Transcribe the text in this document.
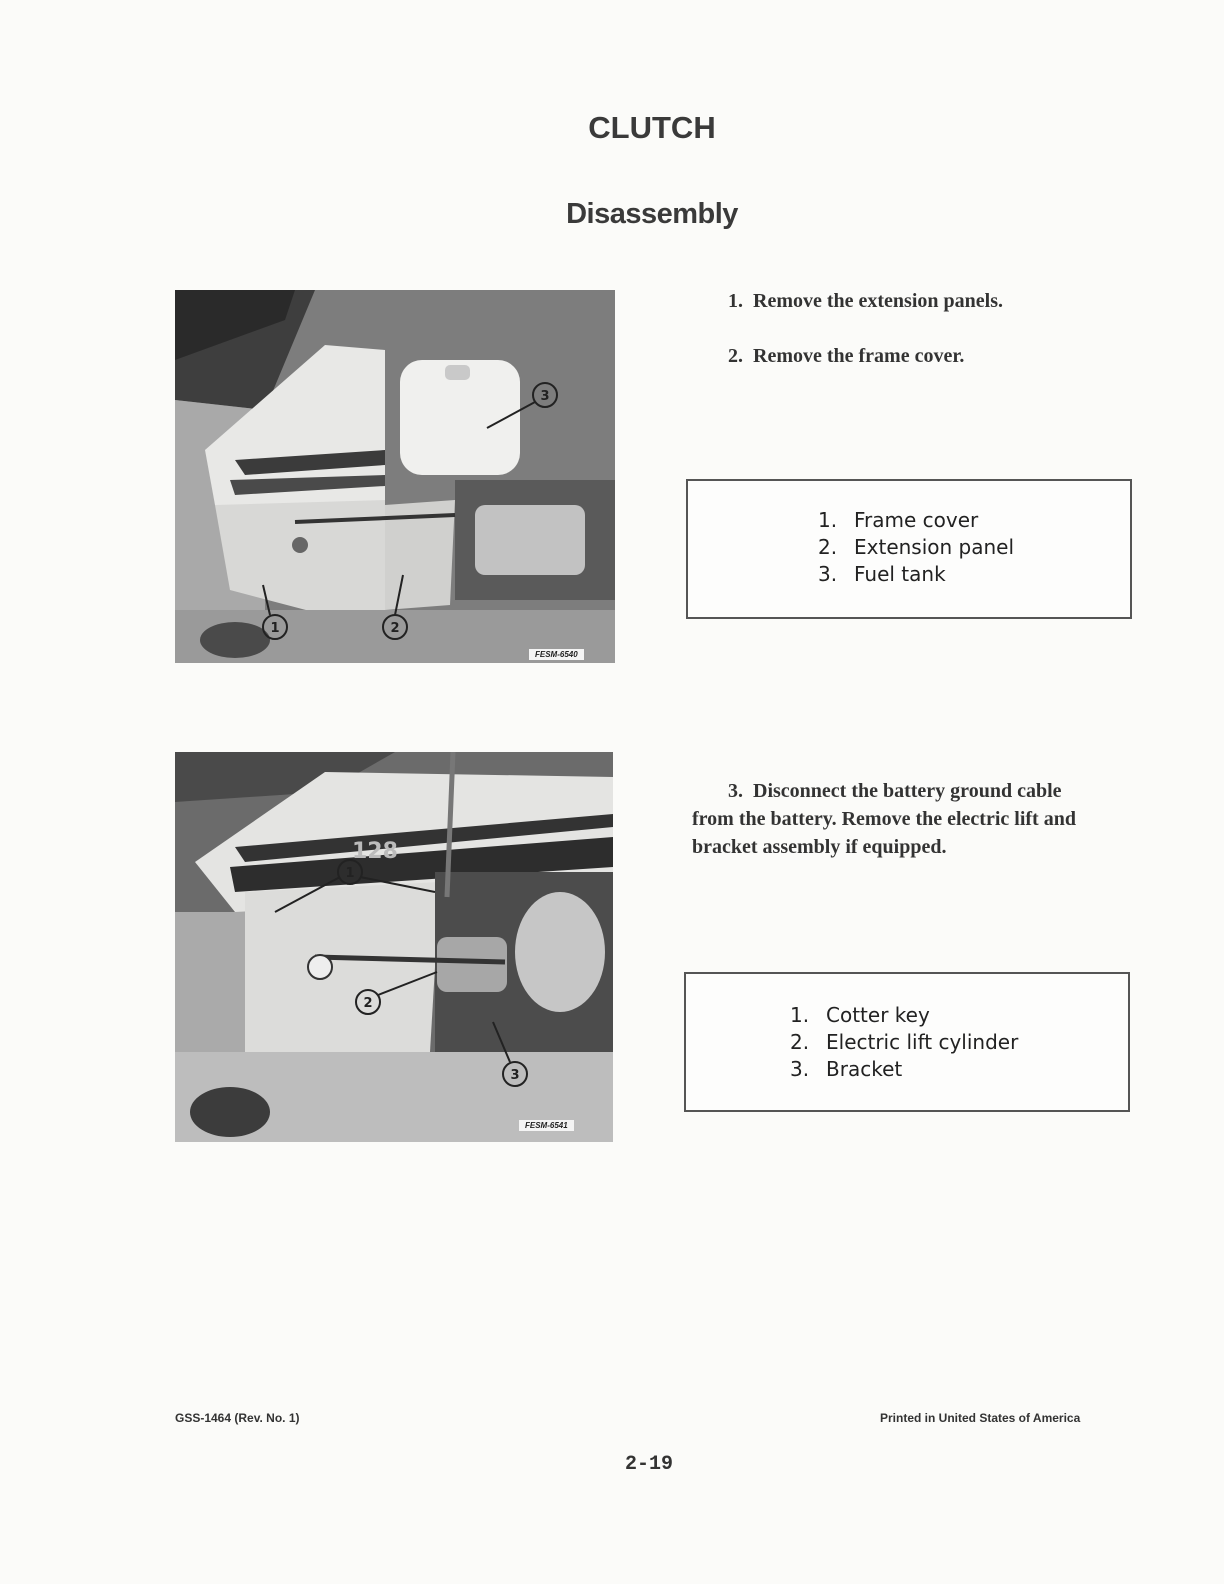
CLUTCH
Disassembly
1	2
3
FESM-6540
128
1
2
3
FESM-6541
1. Remove the extension panels.
2. Remove the frame cover.
1. Frame cover
2. Extension panel
3. Fuel tank
3. Disconnect the battery ground cable from the battery. Remove the electric lift and bracket assembly if equipped.
1. Cotter key
2. Electric lift cylinder
3. Bracket
GSS-1464 (Rev. No. 1)	Printed in United States of America
2-19
